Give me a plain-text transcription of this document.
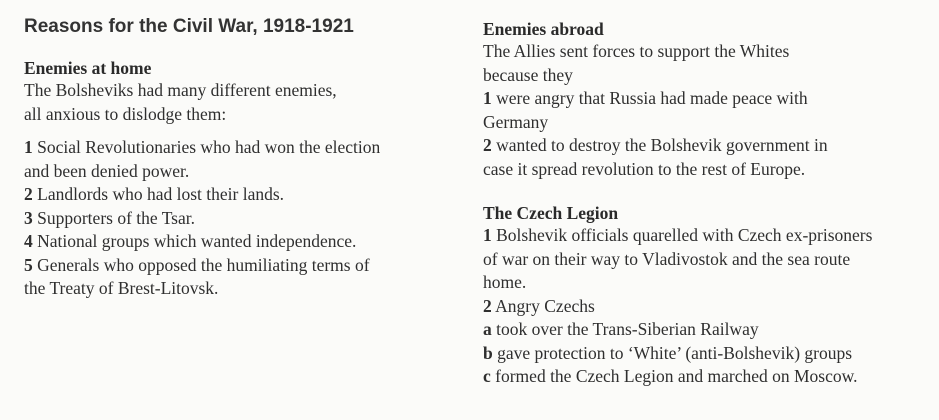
Reasons for the Civil War, 1918-1921
Enemies at home

The Bolsheviks had many different enemies,

all anxious to dislodge them:

1 Social Revolutionaries who had won the election
and been denied power.
2 Landlords who had lost their lands.
3 Supporters of the Tsar.
4 National groups which wanted independence.
5 Generals who opposed the humiliating terms of
the Treaty of Brest-Litovsk.
Enemies abroad

The Allies sent forces to support the Whites

because they

1 were angry that Russia had made peace with
Germany
2 wanted to destroy the Bolshevik government in
case it spread revolution to the rest of Europe.
The Czech Legion
1 Bolshevik officials quarelled with Czech ex-prisoners
of war on their way to Vladivostok and the sea route
home.
2 Angry Czechs
a took over the Trans-Siberian Railway
b gave protection to ‘White’ (anti-Bolshevik) groups
c formed the Czech Legion and marched on Moscow.
